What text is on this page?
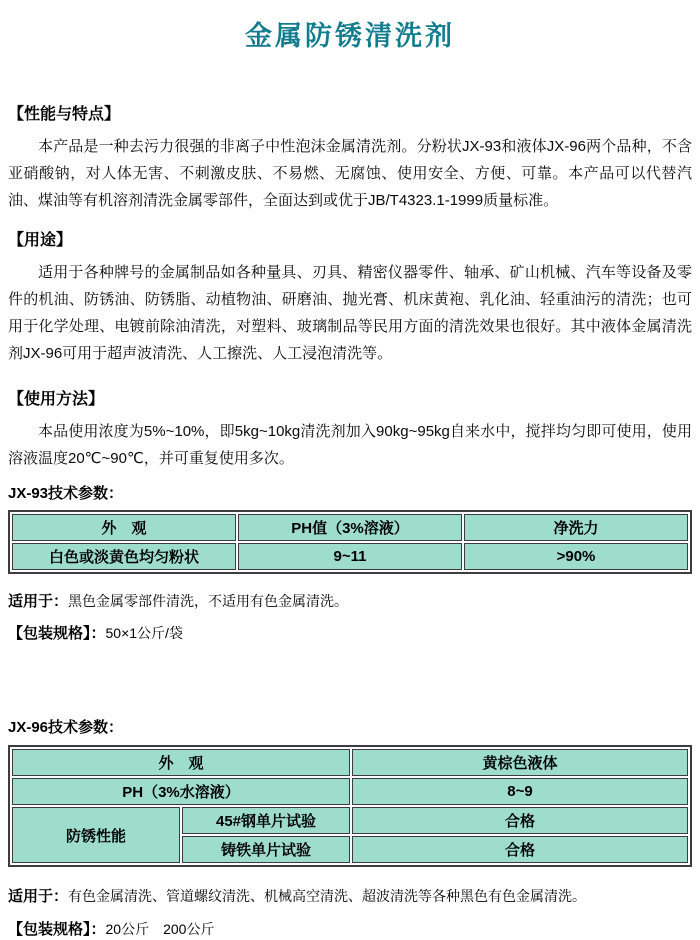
金属防锈清洗剂
【性能与特点】

本产品是一种去污力很强的非离子中性泡沫金属清洗剂。分粉状JX-93和液体JX-96两个品种，不含亚硝酸钠，对人体无害、不刺激皮肤、不易燃、无腐蚀、使用安全、方便、可靠。本产品可以代替汽油、煤油等有机溶剂清洗金属零部件，全面达到或优于JB/T4323.1-1999质量标准。

【用途】

适用于各种牌号的金属制品如各种量具、刃具、精密仪器零件、轴承、矿山机械、汽车等设备及零件的机油、防锈油、防锈脂、动植物油、研磨油、抛光膏、机床黄袍、乳化油、轻重油污的清洗；也可用于化学处理、电镀前除油清洗，对塑料、玻璃制品等民用方面的清洗效果也很好。其中液体金属清洗剂JX-96可用于超声波清洗、人工擦洗、人工浸泡清洗等。

【使用方法】

本品使用浓度为5%~10%，即5kg~10kg清洗剂加入90kg~95kg自来水中，搅拌均匀即可使用，使用溶液温度20℃~90℃，并可重复使用多次。

JX-93技术参数：
外　观	PH值（3%溶液）	净洗力
白色或淡黄色均匀粉状	9~11	>90%
适用于：黑色金属零部件清洗，不适用有色金属清洗。
【包装规格】：50×1公斤/袋
JX-96技术参数：
外　观		黄棕色液体
PH（3%水溶液）		8~9
防锈性能	45#钢单片试验	合格
	铸铁单片试验	合格
适用于：有色金属清洗、管道螺纹清洗、机械高空清洗、超波清洗等各种黑色有色金属清洗。
【包装规格】：20公斤　200公斤
